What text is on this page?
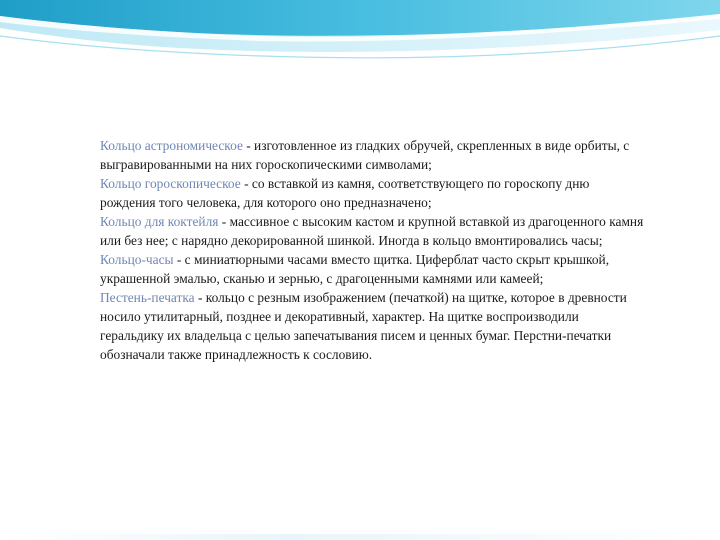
Кольцо астрономическое - изготовленное из гладких обручей, скрепленных в виде орбиты, с выгравированными на них гороскопическими символами;

Кольцо гороскопическое - со вставкой из камня, соответствующего по гороскопу дню рождения того человека, для которого оно предназначено;

Кольцо для коктейля - массивное с высоким кастом и крупной вставкой из драгоценного камня или без нее; с нарядно декорированной шинкой. Иногда в кольцо вмонтировались часы;

Кольцо-часы - с миниатюрными часами вместо щитка. Циферблат часто скрыт крышкой, украшенной эмалью, сканью и зернью, с драгоценными камнями или камеей;

Пестень-печатка - кольцо с резным изображением (печаткой) на щитке, которое в древности носило утилитарный, позднее и декоративный, характер. На щитке воспроизводили геральдику их владельца с целью запечатывания писем и ценных бумаг. Перстни-печатки обозначали также принадлежность к сословию.
